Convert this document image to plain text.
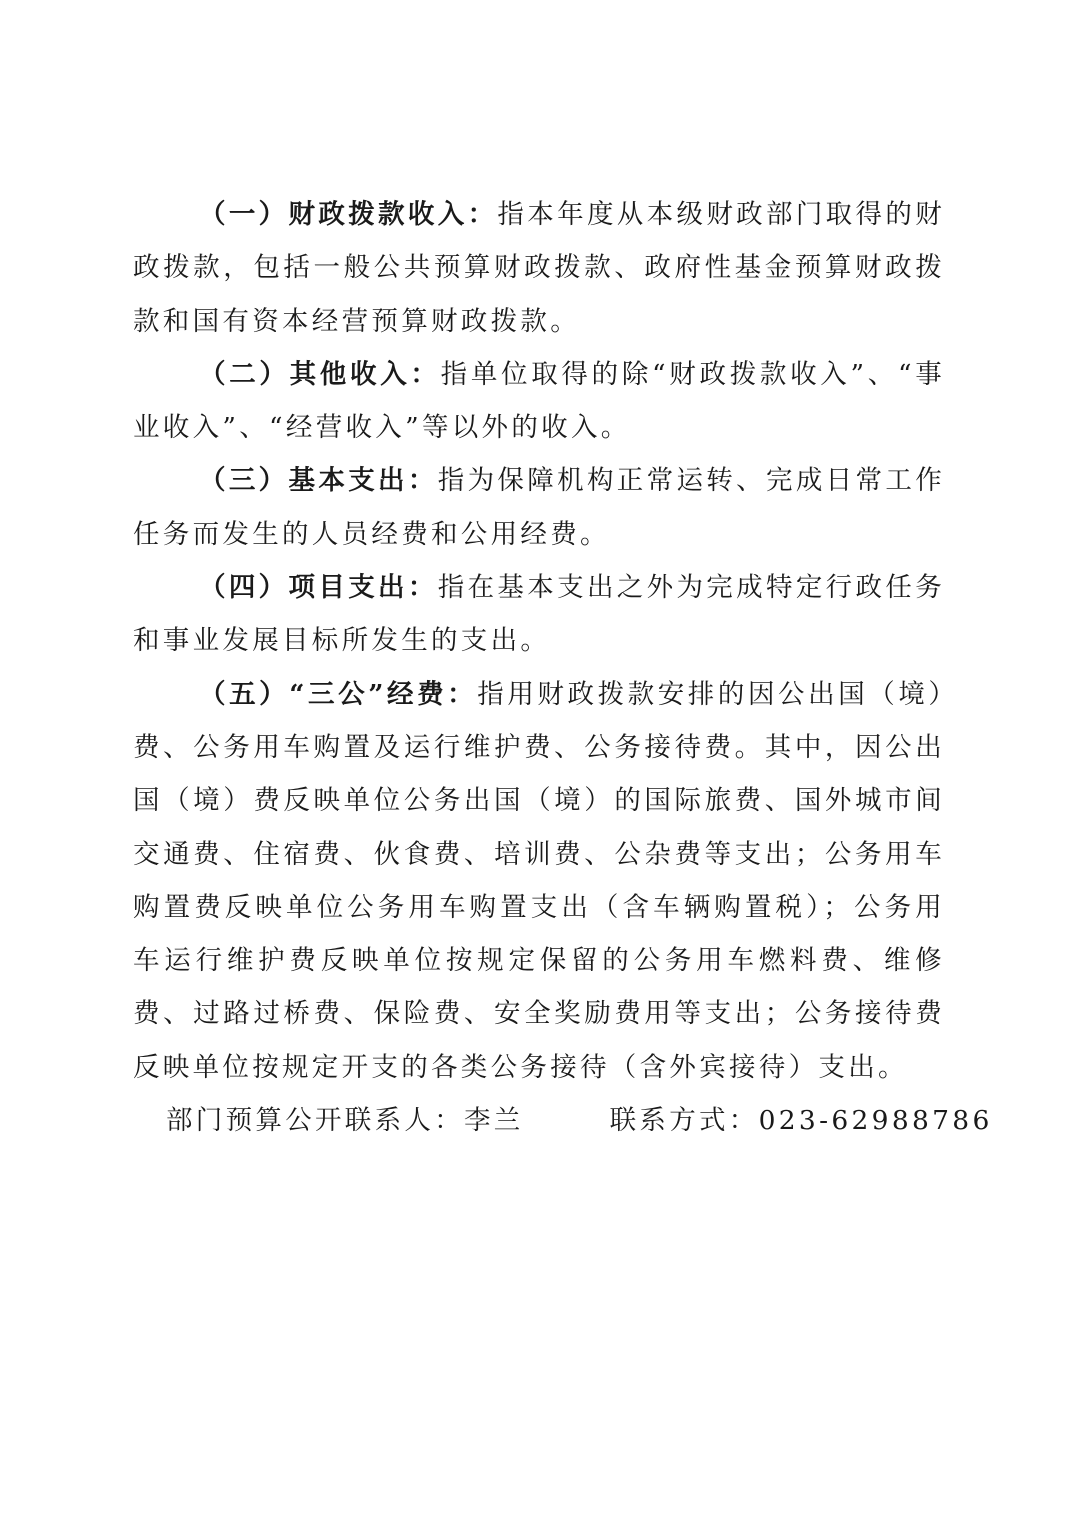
（一）财政拨款收入：指本年度从本级财政部门取得的财政拨款，包括一般公共预算财政拨款、政府性基金预算财政拨款和国有资本经营预算财政拨款。

（二）其他收入：指单位取得的除“财政拨款收入”、“事业收入”、“经营收入”等以外的收入。

（三）基本支出：指为保障机构正常运转、完成日常工作任务而发生的人员经费和公用经费。

（四）项目支出：指在基本支出之外为完成特定行政任务和事业发展目标所发生的支出。

（五）“三公”经费：指用财政拨款安排的因公出国（境）费、公务用车购置及运行维护费、公务接待费。其中，因公出国（境）费反映单位公务出国（境）的国际旅费、国外城市间交通费、住宿费、伙食费、培训费、公杂费等支出；公务用车购置费反映单位公务用车购置支出（含车辆购置税）；公务用车运行维护费反映单位按规定保留的公务用车燃料费、维修费、过路过桥费、保险费、安全奖励费用等支出；公务接待费反映单位按规定开支的各类公务接待（含外宾接待）支出。

部门预算公开联系人：李兰	联系方式：023-62988786
